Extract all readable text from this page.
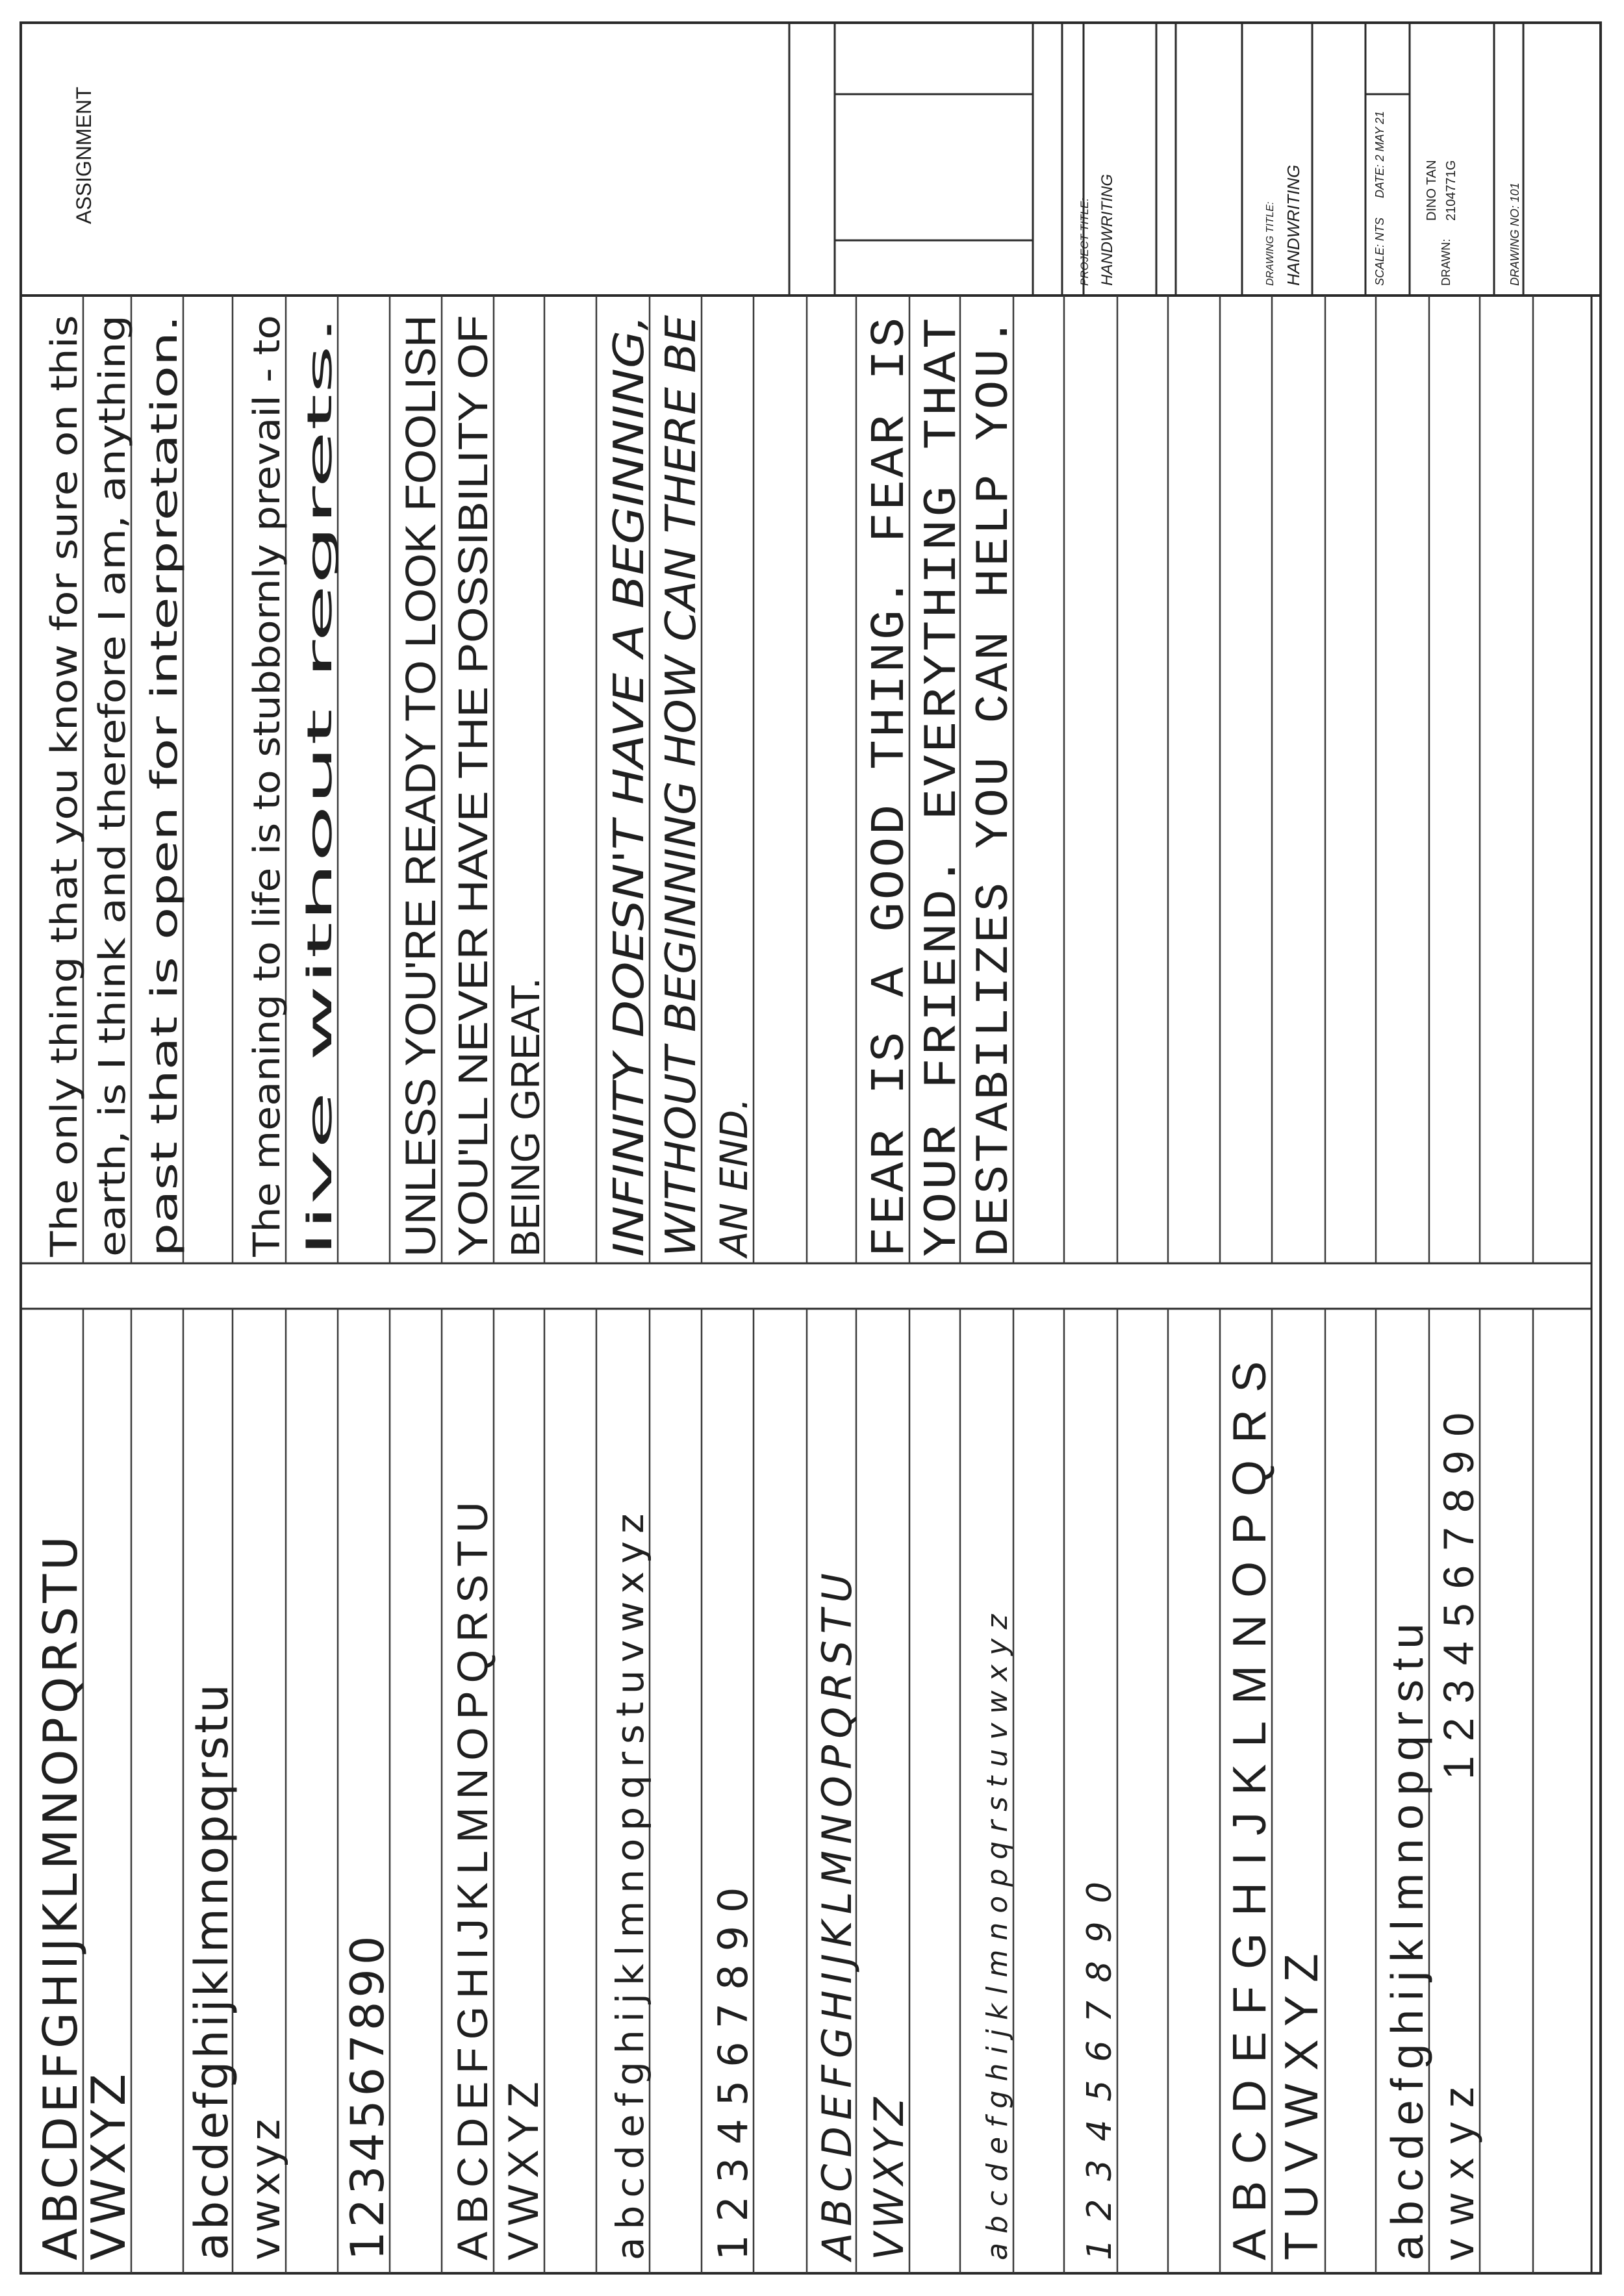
ABCDEFGHIJKLMNOPQRSTU
VWXYZ abcdefghijklmnopqrstu vwxyz 1234567890 ABCDEFGHIJKLMNOPQRSTU VWXYZ abcdefghijklmnopqrstuvwxyz 1234567890 ABCDEFGHIJKLMNOPQRSTU VWXYZ abcdefghijklmnopqrstuvwxyz 1234567890 ABCDEFGHIJKLMNOPQRS TUVWXYZ abcdefghijklmnopqrstu vwxyz
1234567890
The only thing that you know for sure on this earth, is I think and therefore I am, anything past that is open for interpretation. The meaning to life is to stubbornly prevail - to live without regrets. UNLESS YOU'RE READY TO LOOK FOOLISH YOU'LL NEVER HAVE THE POSSIBILITY OF BEING GREAT. INFINITY DOESN'T HAVE A BEGINNING, WITHOUT BEGINNING HOW CAN THERE BE AN END. FEAR IS A GOOD THING. FEAR IS
YOUR FRIEND. EVERYTHING THAT
DESTABILIZES YOU CAN HELP YOU.
ASSIGNMENT
PROJECT TITLE: HANDWRITING	DRAWING TITLE: HANDWRITING	SCALE: NTS
DATE: 2 MAY 21
DRAWN:
DINO TAN 2104771G	DRAWING NO: 101
